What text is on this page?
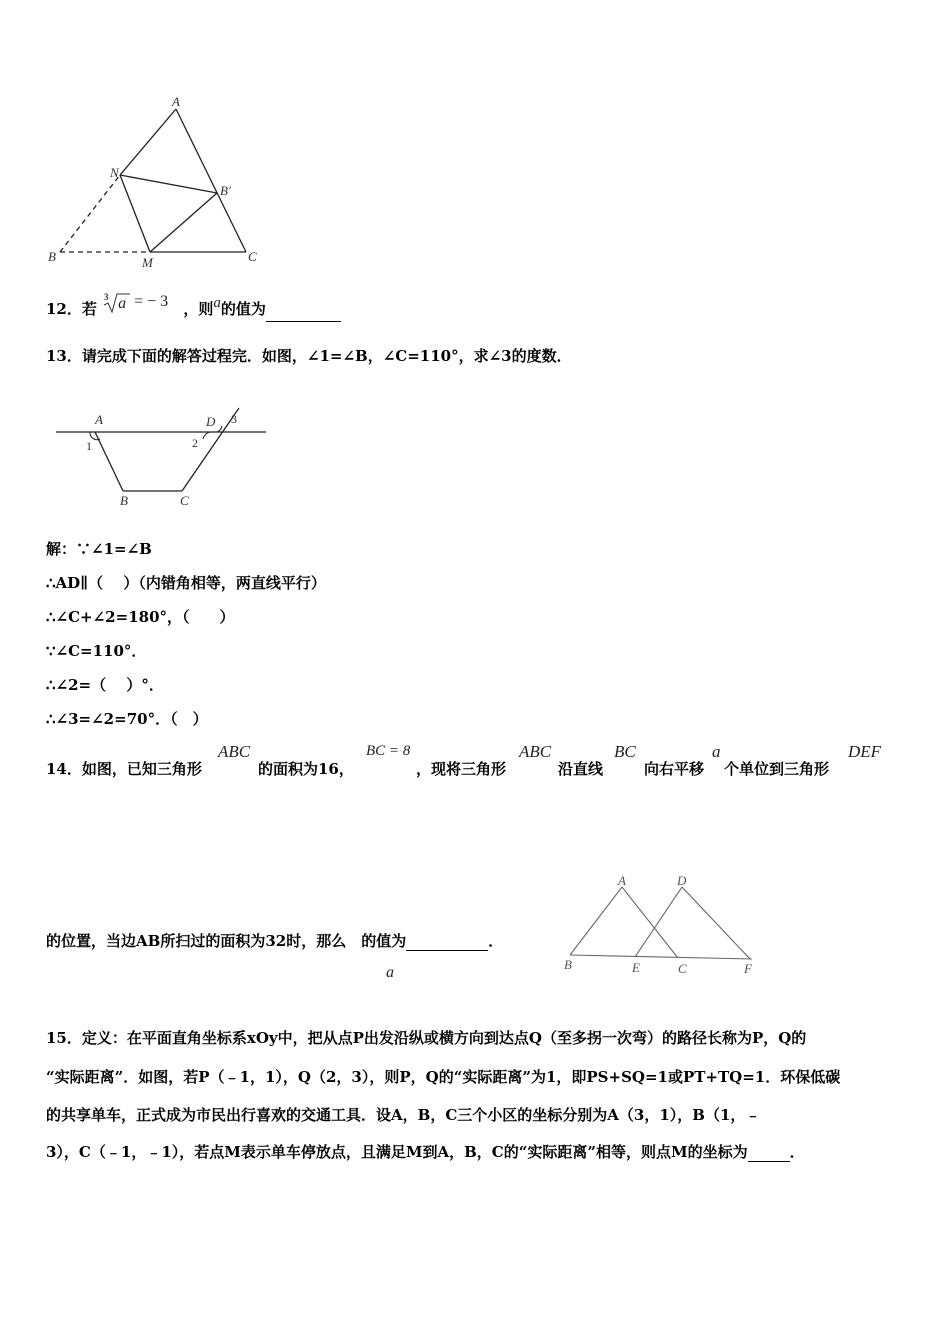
A
N
B′
B	M	C
12．若
3 a = − 3 ，则a的值为
13．请完成下面的解答过程完．如图，∠1=∠B，∠C=110°，求∠3的度数．
A	D
1	2
3
B	C
解：∵∠1=∠B
∴AD∥（　 ）（内错角相等，两直线平行）
∴∠C+∠2=180°，（　　）
∵∠C=110°．
∴∠2=（　 ）°．
∴∠3=∠2=70°．（　）
14．如图，已知三角形
ABC
的面积为16，
BC = 8
，现将三角形
ABC
沿直线
BC
向右平移
a
个单位到三角形
DEF
的位置，当边AB所扫过的面积为32时，那么　的值为	．
a
A	D
B	E	C	F
15．定义：在平面直角坐标系xOy中，把从点P出发沿纵或横方向到达点Q（至多拐一次弯）的路径长称为P，Q的
“实际距离”．如图，若P（﹣1，1），Q（2，3），则P，Q的“实际距离”为1，即PS+SQ=1或PT+TQ=1．环保低碳
的共享单车，正式成为市民出行喜欢的交通工具．设A，B，C三个小区的坐标分别为A（3，1），B（1，﹣
3），C（﹣1，﹣1），若点M表示单车停放点，且满足M到A，B，C的“实际距离”相等，则点M的坐标为	．
